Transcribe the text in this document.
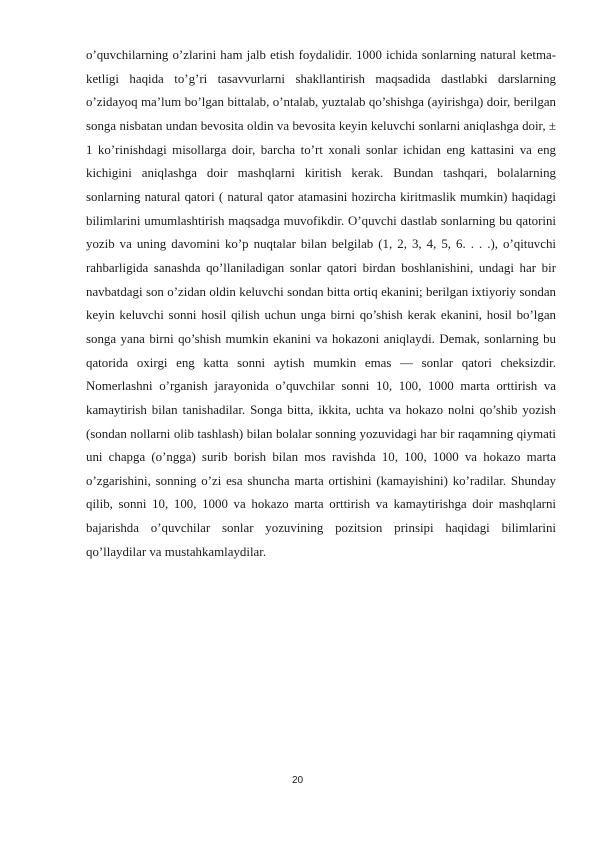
o’quvchilarning o’zlarini ham jalb etish foydalidir. 1000 ichida sonlarning natural ketma-ketligi haqida to’g’ri tasavvurlarni shakllantirish maqsadida dastlabki darslarning o’zidayoq ma’lum bo’lgan bittalab, o’ntalab, yuztalab qo’shishga (ayirishga) doir, berilgan songa nisbatan undan bevosita oldin va bevosita keyin keluvchi sonlarni aniqlashga doir, ± 1 ko’rinishdagi misollarga doir, barcha to’rt xonali sonlar ichidan eng kattasini va eng kichigini aniqlashga doir mashqlarni kiritish kerak. Bundan tashqari, bolalarning sonlarning natural qatori ( natural qator atamasini hozircha kiritmaslik mumkin) haqidagi bilimlarini umumlashtirish maqsadga muvofikdir. O’quvchi dastlab sonlarning bu qatorini yozib va uning davomini ko’p nuqtalar bilan belgilab (1, 2, 3, 4, 5, 6. . . .), o’qituvchi rahbarligida sanashda qo’llaniladigan sonlar qatori birdan boshlanishini, undagi har bir navbatdagi son o’zidan oldin keluvchi sondan bitta ortiq ekanini; berilgan ixtiyoriy sondan keyin keluvchi sonni hosil qilish uchun unga birni qo’shish kerak ekanini, hosil bo’lgan songa yana birni qo’shish mumkin ekanini va hokazoni aniqlaydi. Demak, sonlarning bu qatorida oxirgi eng katta sonni aytish mumkin emas — sonlar qatori cheksizdir. Nomerlashni o’rganish jarayonida o’quvchilar sonni 10, 100, 1000 marta orttirish va kamaytirish bilan tanishadilar. Songa bitta, ikkita, uchta va hokazo nolni qo’shib yozish (sondan nollarni olib tashlash) bilan bolalar sonning yozuvidagi har bir raqamning qiymati uni chapga (o’ngga) surib borish bilan mos ravishda 10, 100, 1000 va hokazo marta o’zgarishini, sonning o’zi esa shuncha marta ortishini (kamayishini) ko’radilar. Shunday qilib, sonni 10, 100, 1000 va hokazo marta orttirish va kamaytirishga doir mashqlarni bajarishda o’quvchilar sonlar yozuvining pozitsion prinsipi haqidagi bilimlarini qo’llaydilar va mustahkamlaydilar.

20
